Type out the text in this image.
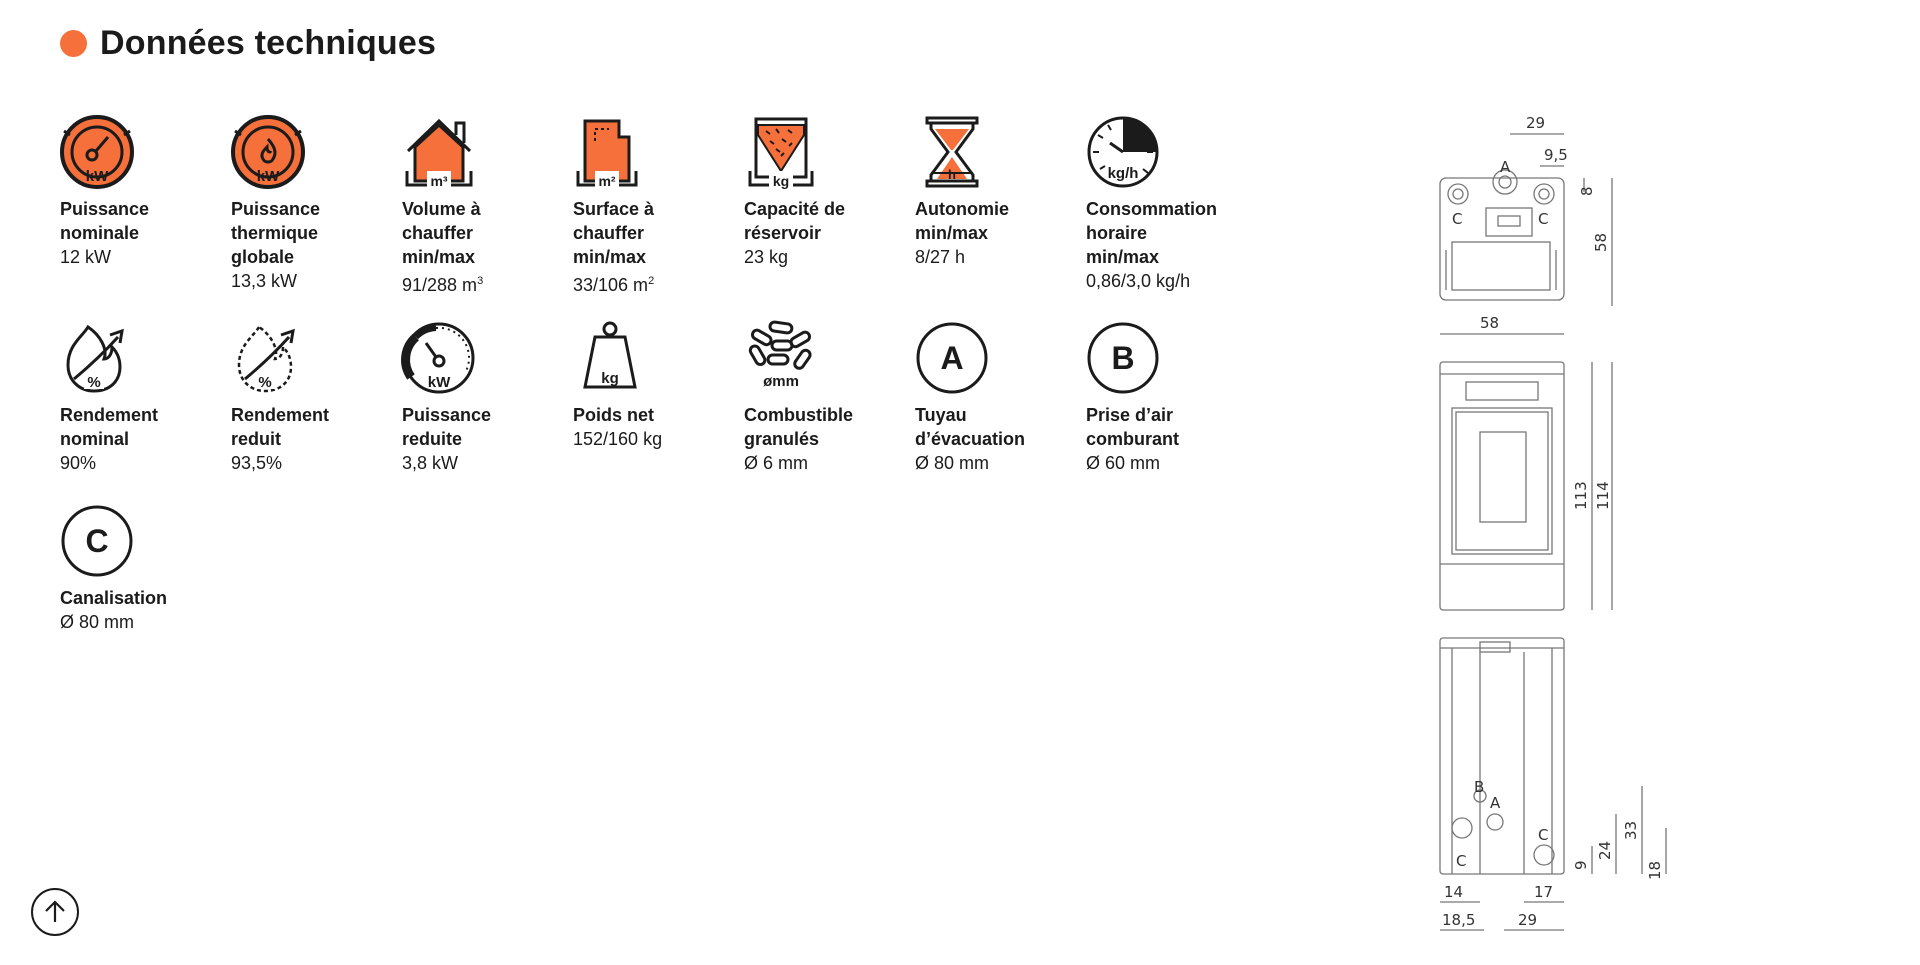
Données techniques
kW
Puissance
nominale
12 kW
kW
Puissance
thermique
globale
13,3 kW
m³
Volume à
chauffer
min/max
91/288 $m^3$
m²
Surface à
chauffer
min/max
33/106 $m^2$
kg
Capacité de
réservoir
23 kg
h
Autonomie
min/max
8/27 h
kg/h
Consommation
horaire
min/max
0,86/3,0 kg/h
%
Rendement
nominal
90%
%
Rendement
reduit
93,5%
kW
Puissance
reduite
3,8 kW
kg
Poids net
152/160 kg
ømm
Combustible
granulés
Ø 6 mm
A
Tuyau
d’évacuation
Ø 80 mm
B
Prise d’air
comburant
Ø 60 mm
C
Canalisation
Ø 80 mm
29
9,5
A
C	C
58
8
58
113 114
B
A
C
C
9
24
33
18
14	17
18,5	29
